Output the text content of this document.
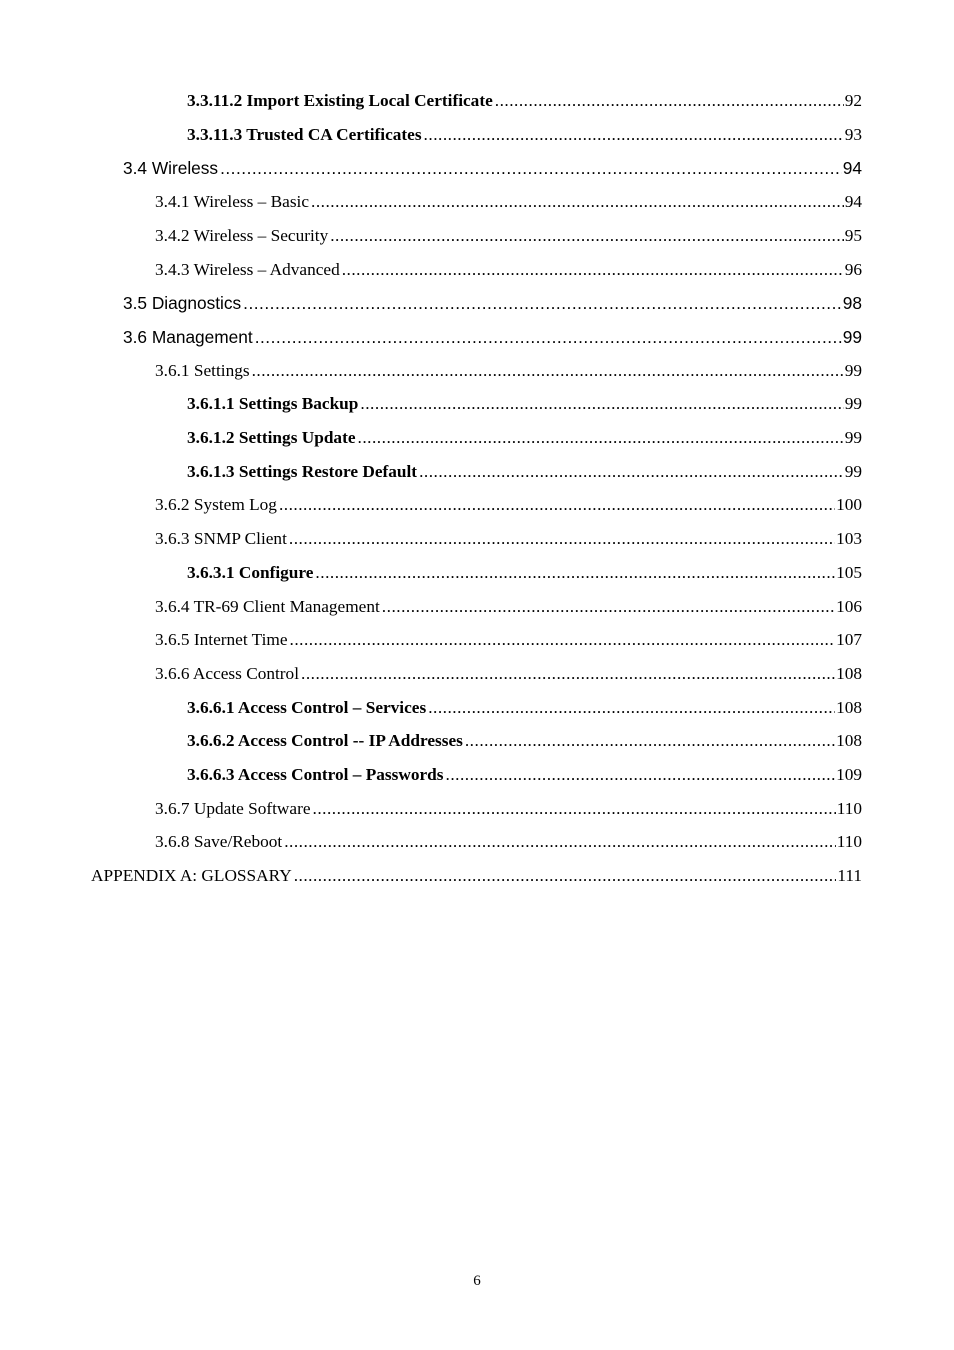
3.3.11.2 Import Existing Local Certificate .....	92
3.3.11.3 Trusted CA Certificates .....	93
3.4 Wireless .....	94
3.4.1 Wireless – Basic .....	94
3.4.2 Wireless – Security .....	95
3.4.3 Wireless – Advanced .....	96
3.5 Diagnostics .....	98
3.6 Management .....	99
3.6.1 Settings .....	99
3.6.1.1 Settings Backup .....	99
3.6.1.2 Settings Update .....	99
3.6.1.3 Settings Restore Default .....	99
3.6.2 System Log .....	100
3.6.3 SNMP Client .....	103
3.6.3.1 Configure .....	105
3.6.4 TR-69 Client Management .....	106
3.6.5 Internet Time .....	107
3.6.6 Access Control .....	108
3.6.6.1 Access Control – Services .....	108
3.6.6.2 Access Control -- IP Addresses .....	108
3.6.6.3 Access Control – Passwords .....	109
3.6.7 Update Software .....	110
3.6.8 Save/Reboot .....	110
APPENDIX A: GLOSSARY .....	111
6
